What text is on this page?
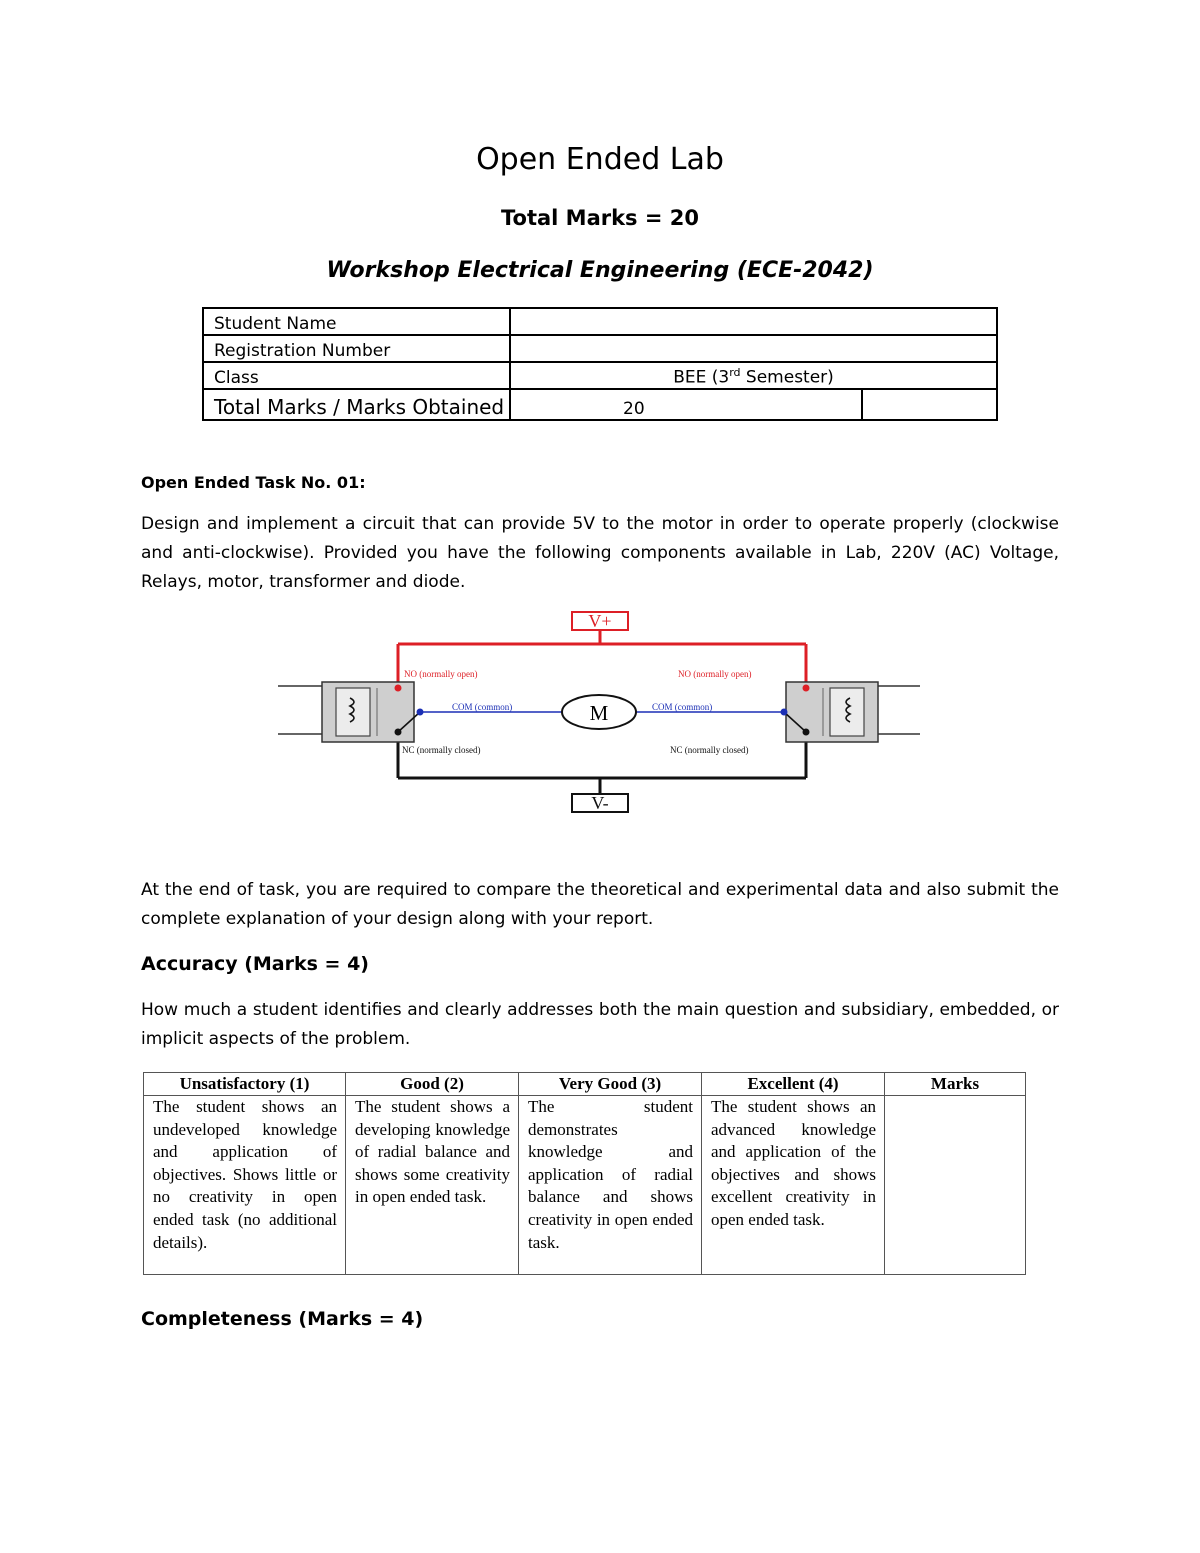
Open Ended Lab
Total Marks = 20
Workshop Electrical Engineering (ECE-2042)
Student Name		
Registration Number		
Class	BEE (3rd Semester)	
Total Marks / Marks Obtained	20	
Open Ended Task No. 01:
Design and implement a circuit that can provide 5V to the motor in order to operate properly (clockwise and anti-clockwise). Provided you have the following components available in Lab, 220V (AC) Voltage, Relays, motor, transformer and diode.
V+
V-
M
NO (normally open)	NO (normally open)
COM (common)	COM (common)
NC (normally closed)	NC (normally closed)
At the end of task, you are required to compare the theoretical and experimental data and also submit the complete explanation of your design along with your report.
Accuracy (Marks = 4)
How much a student identifies and clearly addresses both the main question and subsidiary, embedded, or implicit aspects of the problem.
Unsatisfactory (1)	Good (2)	Very Good (3)	Excellent (4)	Marks
The student shows an undeveloped knowledge and application of objectives. Shows little or no creativity in open ended task (no additional details).	The student shows a developing knowledge of radial balance and shows some creativity in open ended task.	The student demonstrates knowledge and application of radial balance and shows creativity in open ended task.	The student shows an advanced knowledge and application of the objectives and shows excellent creativity in open ended task.	
Completeness (Marks = 4)
